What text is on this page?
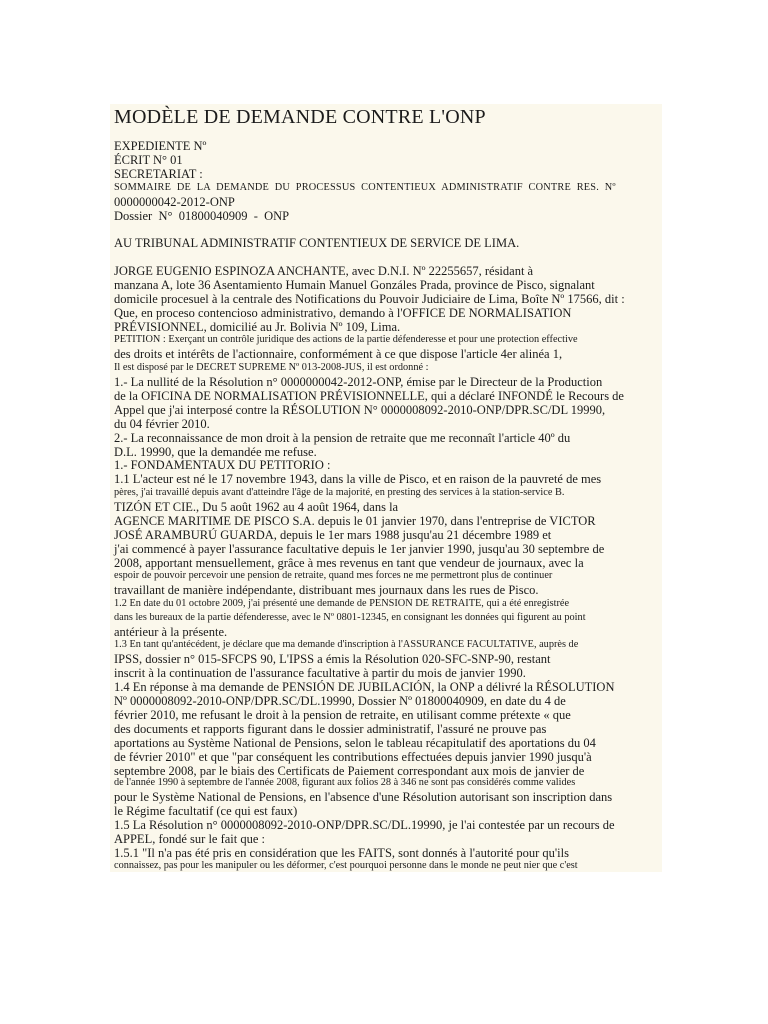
MODÈLE DE DEMANDE CONTRE L'ONP
EXPEDIENTE Nº
ÉCRIT N° 01
SECRETARIAT :
SOMMAIRE DE LA DEMANDE DU PROCESSUS CONTENTIEUX ADMINISTRATIF CONTRE RES. Nº
0000000042-2012-ONP
Dossier  N°  01800040909  -  ONP
AU TRIBUNAL ADMINISTRATIF CONTENTIEUX DE SERVICE DE LIMA.
JORGE EUGENIO ESPINOZA ANCHANTE, avec D.N.I. Nº 22255657, résidant à
manzana A, lote 36 Asentamiento Humain Manuel Gonzáles Prada, province de Pisco, signalant
domicile procesuel à la centrale des Notifications du Pouvoir Judiciaire de Lima, Boîte Nº 17566, dit :
Que, en proceso contencioso administrativo, demando à l'OFFICE DE NORMALISATION
PRÉVISIONNEL, domicilié au Jr. Bolivia Nº 109, Lima.
PETITION : Exerçant un contrôle juridique des actions de la partie défenderesse et pour une protection effective
des droits et intérêts de l'actionnaire, conformément à ce que dispose l'article 4er alinéa 1,
Il est disposé par le DECRET SUPREME Nº 013-2008-JUS, il est ordonné :
1.- La nullité de la Résolution n° 0000000042-2012-ONP, émise par le Directeur de la Production
de la OFICINA DE NORMALISATION PRÉVISIONNELLE, qui a déclaré INFONDÉ le Recours de
Appel que j'ai interposé contre la RÉSOLUTION N° 0000008092-2010-ONP/DPR.SC/DL 19990,
du 04 février 2010.
2.- La reconnaissance de mon droit à la pension de retraite que me reconnaît l'article 40º du
D.L. 19990, que la demandée me refuse.
1.- FONDAMENTAUX DU PETITORIO :
1.1 L'acteur est né le 17 novembre 1943, dans la ville de Pisco, et en raison de la pauvreté de mes
pères, j'ai travaillé depuis avant d'atteindre l'âge de la majorité, en presting des services à la station-service B.
TIZÓN ET CIE., Du 5 août 1962 au 4 août 1964, dans la
AGENCE MARITIME DE PISCO S.A. depuis le 01 janvier 1970, dans l'entreprise de VICTOR
JOSÉ ARAMBURÚ GUARDA, depuis le 1er mars 1988 jusqu'au 21 décembre 1989 et
j'ai commencé à payer l'assurance facultative depuis le 1er janvier 1990, jusqu'au 30 septembre de
2008, apportant mensuellement, grâce à mes revenus en tant que vendeur de journaux, avec la
espoir de pouvoir percevoir une pension de retraite, quand mes forces ne me permettront plus de continuer
travaillant de manière indépendante, distribuant mes journaux dans les rues de Pisco.
1.2 En date du 01 octobre 2009, j'ai présenté une demande de PENSION DE RETRAITE, qui a été enregistrée
dans les bureaux de la partie défenderesse, avec le Nº 0801-12345, en consignant les données qui figurent au point
antérieur à la présente.
1.3 En tant qu'antécédent, je déclare que ma demande d'inscription à l'ASSURANCE FACULTATIVE, auprès de
IPSS, dossier n° 015-SFCPS 90, L'IPSS a émis la Résolution 020-SFC-SNP-90, restant
inscrit à la continuation de l'assurance facultative à partir du mois de janvier 1990.
1.4 En réponse à ma demande de PENSIÓN DE JUBILACIÓN, la ONP a délivré la RÉSOLUTION
Nº 0000008092-2010-ONP/DPR.SC/DL.19990, Dossier Nº 01800040909, en date du 4 de
février 2010, me refusant le droit à la pension de retraite, en utilisant comme prétexte « que
des documents et rapports figurant dans le dossier administratif, l'assuré ne prouve pas
aportations au Système National de Pensions, selon le tableau récapitulatif des aportations du 04
de février 2010" et que "par conséquent les contributions effectuées depuis janvier 1990 jusqu'à
septembre 2008, par le biais des Certificats de Paiement correspondant aux mois de janvier de
de l'année 1990 à septembre de l'année 2008, figurant aux folios 28 à 346 ne sont pas considérés comme valides
pour le Système National de Pensions, en l'absence d'une Résolution autorisant son inscription dans
le Régime facultatif (ce qui est faux)
1.5 La Résolution n° 0000008092-2010-ONP/DPR.SC/DL.19990, je l'ai contestée par un recours de
APPEL, fondé sur le fait que :
1.5.1 "Il n'a pas été pris en considération que les FAITS, sont donnés à l'autorité pour qu'ils
connaissez, pas pour les manipuler ou les déformer, c'est pourquoi personne dans le monde ne peut nier que c'est
